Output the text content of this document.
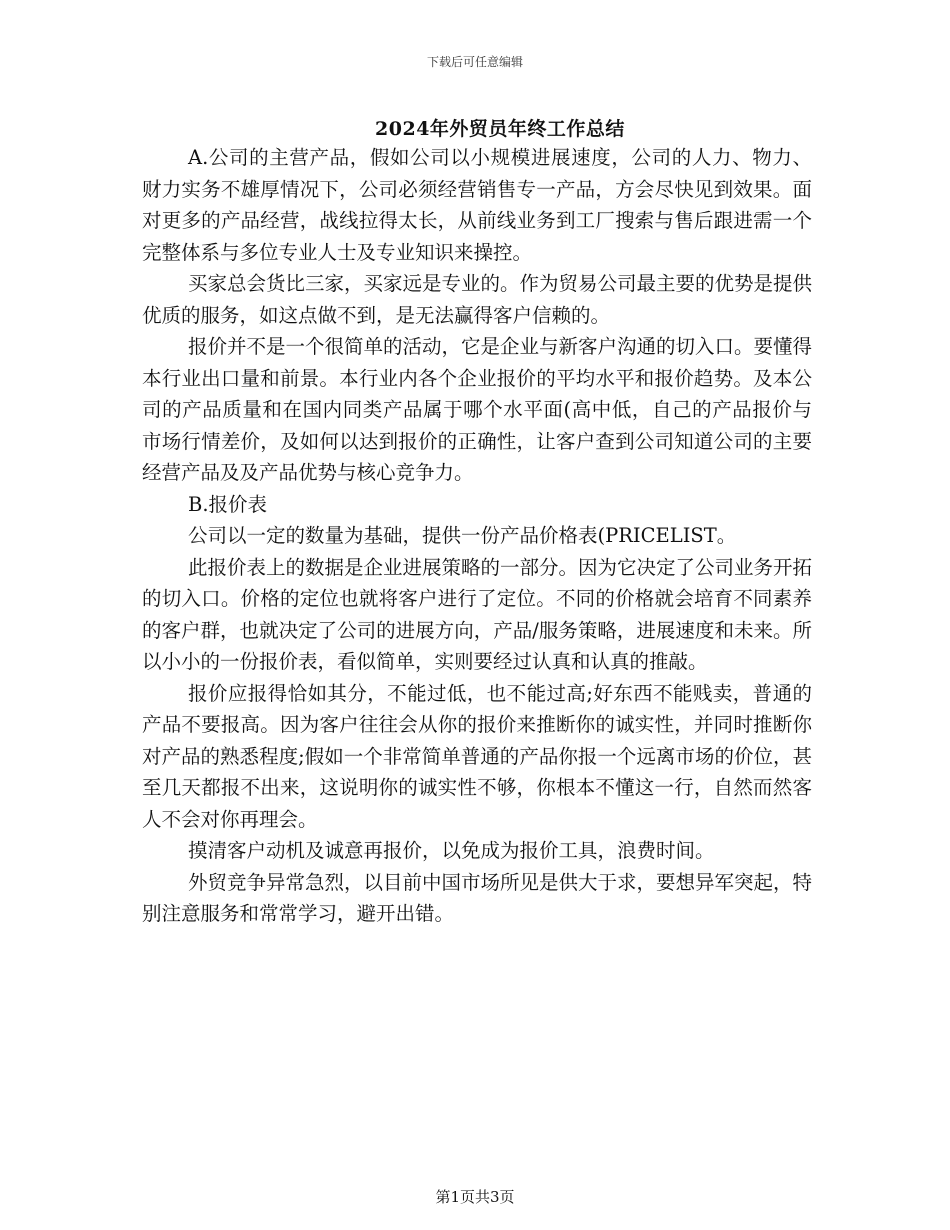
下载后可任意编辑
2024年外贸员年终工作总结

A.公司的主营产品，假如公司以小规模进展速度，公司的人力、物力、财力实务不雄厚情况下，公司必须经营销售专一产品，方会尽快见到效果。面对更多的产品经营，战线拉得太长，从前线业务到工厂搜索与售后跟进需一个完整体系与多位专业人士及专业知识来操控。

买家总会货比三家，买家远是专业的。作为贸易公司最主要的优势是提供优质的服务，如这点做不到，是无法赢得客户信赖的。

报价并不是一个很简单的活动，它是企业与新客户沟通的切入口。要懂得本行业出口量和前景。本行业内各个企业报价的平均水平和报价趋势。及本公司的产品质量和在国内同类产品属于哪个水平面(高中低，自己的产品报价与市场行情差价，及如何以达到报价的正确性，让客户查到公司知道公司的主要经营产品及及产品优势与核心竞争力。

B.报价表

公司以一定的数量为基础，提供一份产品价格表(PRICELIST。

此报价表上的数据是企业进展策略的一部分。因为它决定了公司业务开拓的切入口。价格的定位也就将客户进行了定位。不同的价格就会培育不同素养的客户群，也就决定了公司的进展方向，产品/服务策略，进展速度和未来。所以小小的一份报价表，看似简单，实则要经过认真和认真的推敲。

报价应报得恰如其分，不能过低，也不能过高;好东西不能贱卖，普通的产品不要报高。因为客户往往会从你的报价来推断你的诚实性，并同时推断你对产品的熟悉程度;假如一个非常简单普通的产品你报一个远离市场的价位，甚至几天都报不出来，这说明你的诚实性不够，你根本不懂这一行，自然而然客人不会对你再理会。

摸清客户动机及诚意再报价，以免成为报价工具，浪费时间。

外贸竞争异常急烈，以目前中国市场所见是供大于求，要想异军突起，特别注意服务和常常学习，避开出错。

第1页共3页
